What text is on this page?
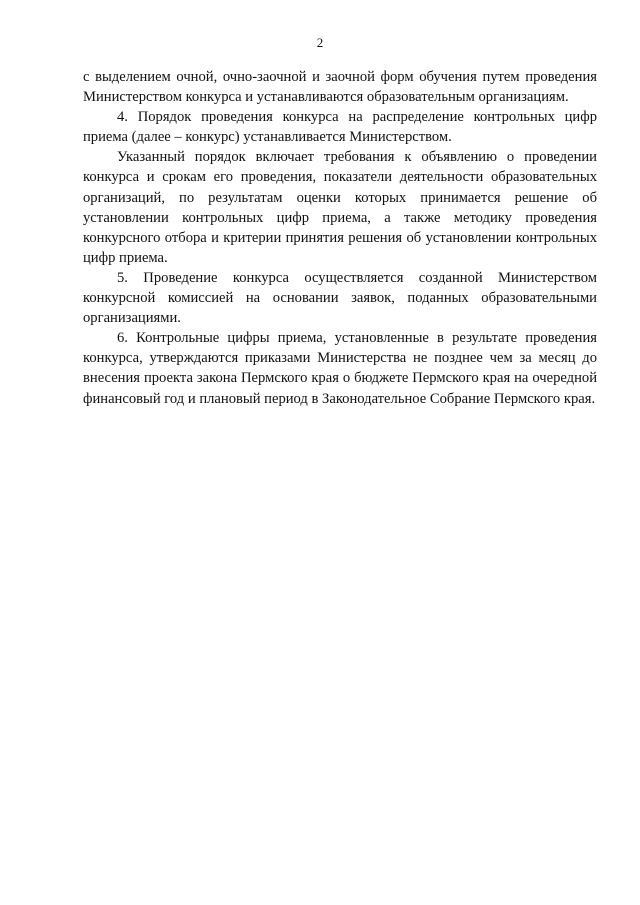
2

с выделением очной, очно-заочной и заочной форм обучения путем проведения Министерством конкурса и устанавливаются образовательным организациям.

4. Порядок проведения конкурса на распределение контрольных цифр приема (далее – конкурс) устанавливается Министерством.

Указанный порядок включает требования к объявлению о проведении конкурса и срокам его проведения, показатели деятельности образовательных организаций, по результатам оценки которых принимается решение об установлении контрольных цифр приема, а также методику проведения конкурсного отбора и критерии принятия решения об установлении контрольных цифр приема.

5. Проведение конкурса осуществляется созданной Министерством конкурсной комиссией на основании заявок, поданных образовательными организациями.

6. Контрольные цифры приема, установленные в результате проведения конкурса, утверждаются приказами Министерства не позднее чем за месяц до внесения проекта закона Пермского края о бюджете Пермского края на очередной финансовый год и плановый период в Законодательное Собрание Пермского края.
